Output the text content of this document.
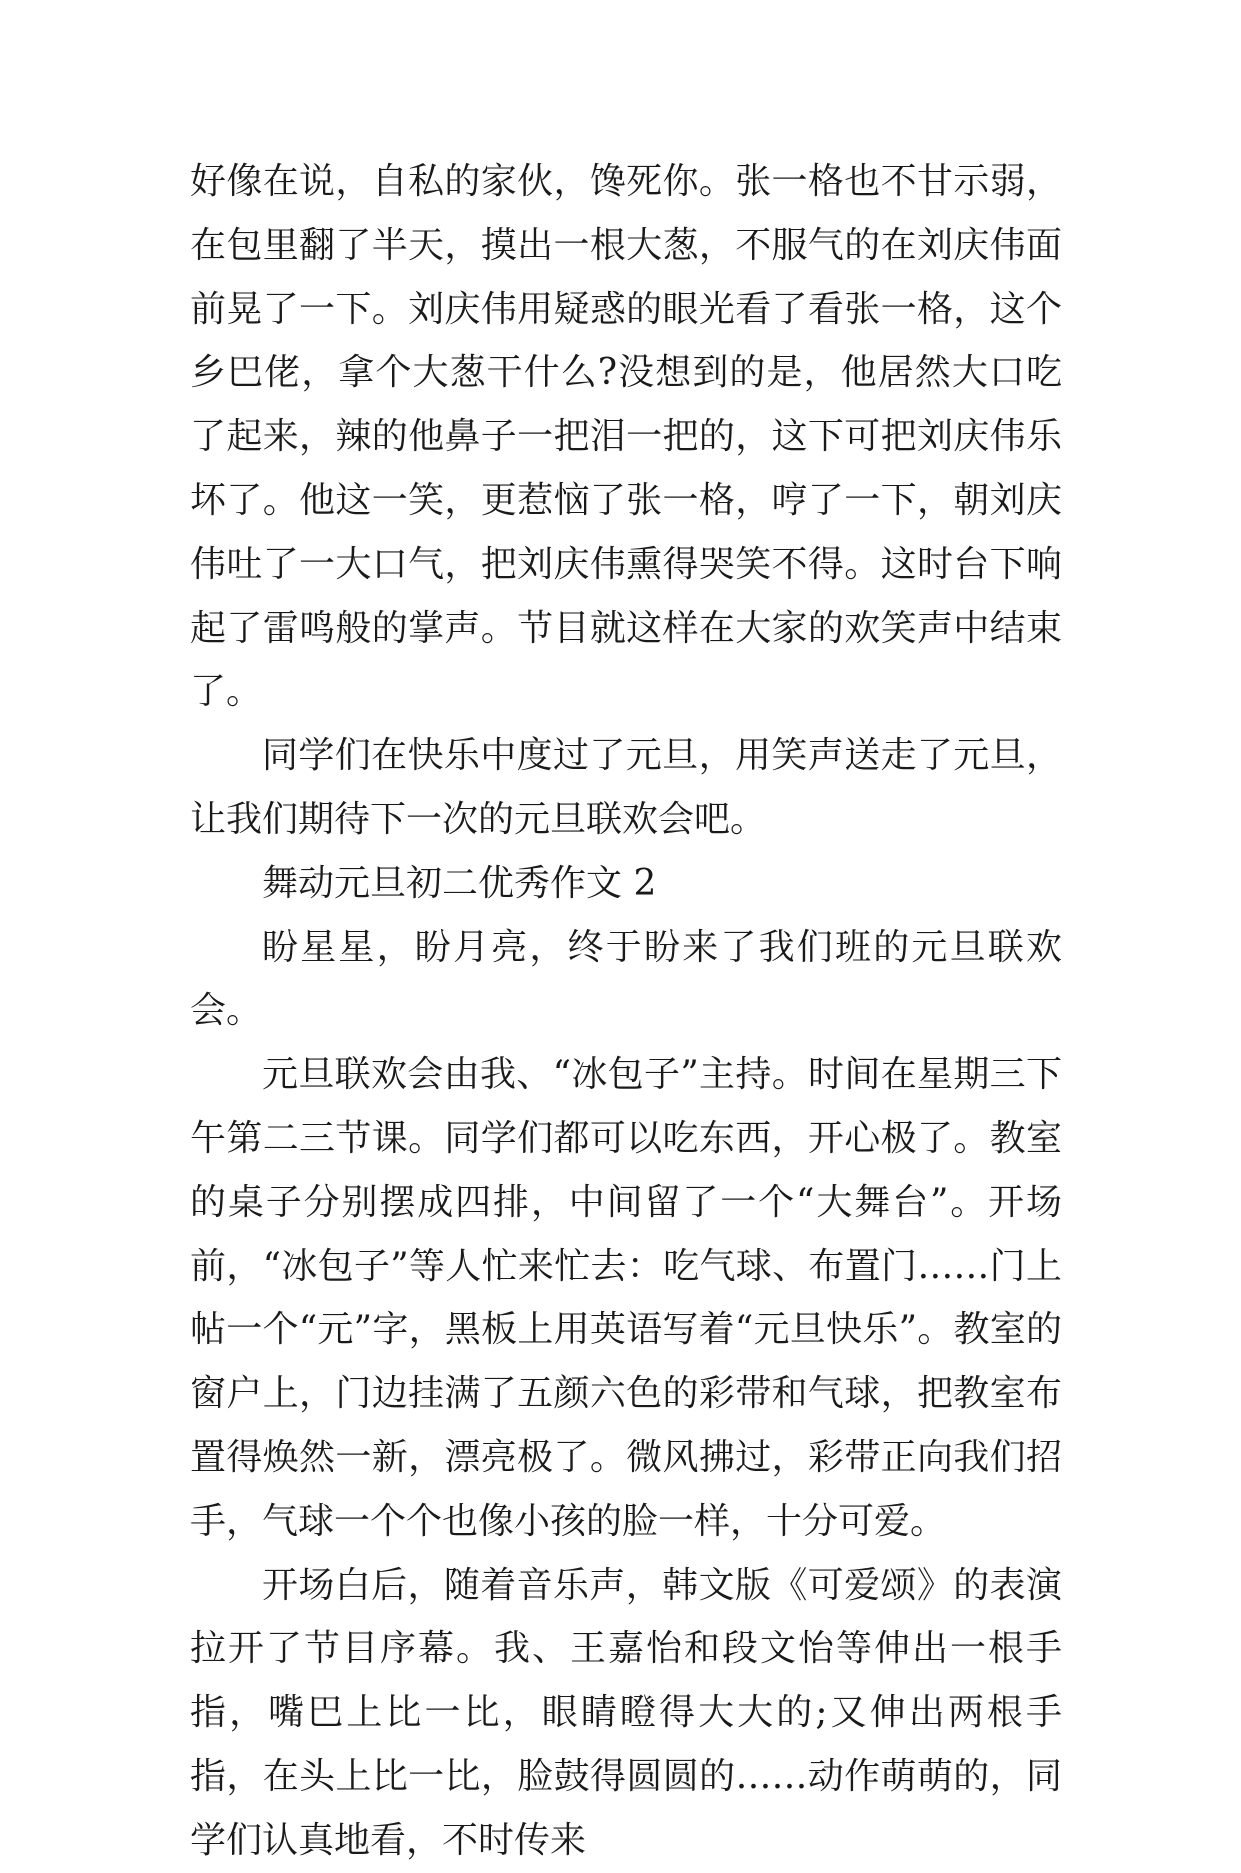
好像在说，自私的家伙，馋死你。张一格也不甘示弱，在包里翻了半天，摸出一根大葱，不服气的在刘庆伟面前晃了一下。刘庆伟用疑惑的眼光看了看张一格，这个乡巴佬，拿个大葱干什么?没想到的是，他居然大口吃了起来，辣的他鼻子一把泪一把的，这下可把刘庆伟乐坏了。他这一笑，更惹恼了张一格，哼了一下，朝刘庆伟吐了一大口气，把刘庆伟熏得哭笑不得。这时台下响起了雷鸣般的掌声。节目就这样在大家的欢笑声中结束了。

同学们在快乐中度过了元旦，用笑声送走了元旦，让我们期待下一次的元旦联欢会吧。

舞动元旦初二优秀作文 2

盼星星，盼月亮，终于盼来了我们班的元旦联欢会。

元旦联欢会由我、“冰包子”主持。时间在星期三下午第二三节课。同学们都可以吃东西，开心极了。教室的桌子分别摆成四排，中间留了一个“大舞台”。开场前，“冰包子”等人忙来忙去：吃气球、布置门……门上帖一个“元”字，黑板上用英语写着“元旦快乐”。教室的窗户上，门边挂满了五颜六色的彩带和气球，把教室布置得焕然一新，漂亮极了。微风拂过，彩带正向我们招手，气球一个个也像小孩的脸一样，十分可爱。

开场白后，随着音乐声，韩文版《可爱颂》的表演拉开了节目序幕。我、王嘉怡和段文怡等伸出一根手指，嘴巴上比一比，眼睛瞪得大大的;又伸出两根手指，在头上比一比，脸鼓得圆圆的……动作萌萌的，同学们认真地看，不时传来
